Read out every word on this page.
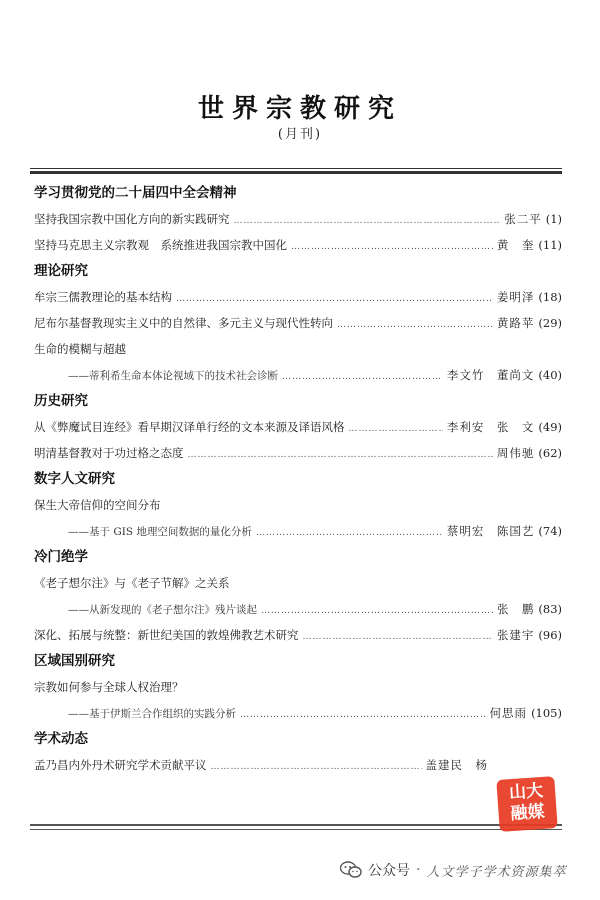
世界宗教研究
(月刊)
学习贯彻党的二十届四中全会精神
坚持我国宗教中国化方向的新实践研究 ………………………………………………………………………………………………………………………………………………………………………………	张二平 (1)
坚持马克思主义宗教观　系统推进我国宗教中国化 ………………………………………………………………………………………………………………………………………………………………………………	黄　奎 (11)
理论研究
牟宗三儒教理论的基本结构 ………………………………………………………………………………………………………………………………………………………………………………	姜明泽 (18)
尼布尔基督教现实主义中的自然律、多元主义与现代性转向 ………………………………………………………………………………………………………………………………………………………………………………	黄路苹 (29)
生命的模糊与超越
——蒂利希生命本体论视域下的技术社会诊断 ………………………………………………………………………………………………………………………………………………………………………………	李文竹　董尚文 (40)
历史研究
从《弊魔试目连经》看早期汉译单行经的文本来源及译语风格 ………………………………………………………………………………………………………………………………………………………………………………	李利安　张　文 (49)
明清基督教对于功过格之态度 ………………………………………………………………………………………………………………………………………………………………………………	周伟驰 (62)
数字人文研究
保生大帝信仰的空间分布
——基于 GIS 地理空间数据的量化分析 ………………………………………………………………………………………………………………………………………………………………………………	蔡明宏　陈国艺 (74)
冷门绝学
《老子想尔注》与《老子节解》之关系
——从新发现的《老子想尔注》残片谈起 ………………………………………………………………………………………………………………………………………………………………………………	张　鹏 (83)
深化、拓展与统整：新世纪美国的敦煌佛教艺术研究 ………………………………………………………………………………………………………………………………………………………………………………	张建宇 (96)
区域国别研究
宗教如何参与全球人权治理？
——基于伊斯兰合作组织的实践分析 ………………………………………………………………………………………………………………………………………………………………………………	何思雨 (105)
学术动态
孟乃昌内外丹术研究学术贡献平议 ………………………………………………………………………………………………………………………………………………………………………………	盖建民　杨
山大
融媒
公众号 · 人文学子学术资源集萃
